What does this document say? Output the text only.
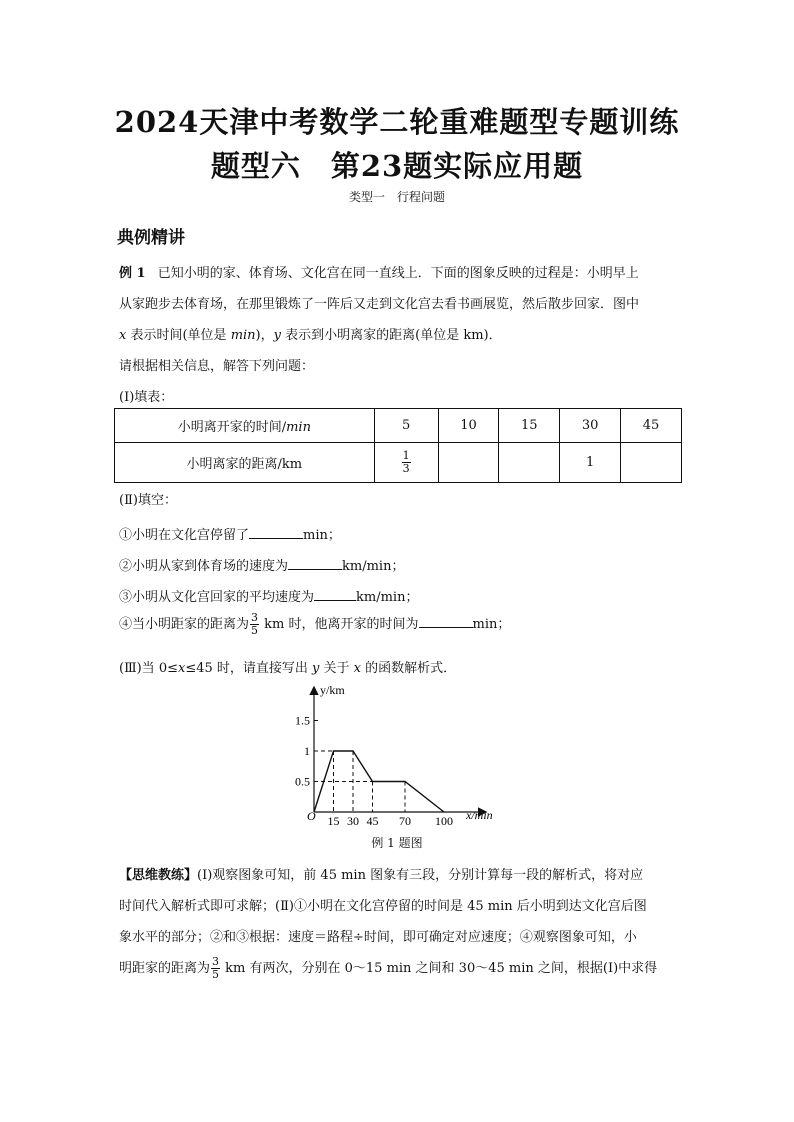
2024天津中考数学二轮重难题型专题训练
题型六　第23题实际应用题
类型一　行程问题
典例精讲
例 1 已知小明的家、体育场、文化宫在同一直线上．下面的图象反映的过程是：小明早上
从家跑步去体育场，在那里锻炼了一阵后又走到文化宫去看书画展览，然后散步回家．图中
x 表示时间(单位是 min)，y 表示到小明离家的距离(单位是 km)．
请根据相关信息，解答下列问题：
(Ⅰ)填表：
小明离开家的时间/min	5	10	15	30	45
小明离家的距离/km	$\frac{1}{3}$			1	
(Ⅱ)填空：
①小明在文化宫停留了	min；
②小明从家到体育场的速度为	km/min；
③小明从文化宫回家的平均速度为	km/min；
④当小明距家的距离为 $\frac{3}{5}$ km 时，他离开家的时间为	min；
(Ⅲ)当 0≤x≤45 时，请直接写出 y 关于 x 的函数解析式．
y/km
x/min
O 15 30 45 70 100
0.5
1
1.5
例 1 题图
【思维教练】(Ⅰ)观察图象可知，前 45 min 图象有三段，分别计算每一段的解析式，将对应
时间代入解析式即可求解；(Ⅱ)①小明在文化宫停留的时间是 45 min 后小明到达文化宫后图
象水平的部分；②和③根据：速度＝路程÷时间，即可确定对应速度；④观察图象可知，小
明距家的距离为 $\frac{3}{5}$ km 有两次，分别在 0～15 min 之间和 30～45 min 之间，根据(Ⅰ)中求得
